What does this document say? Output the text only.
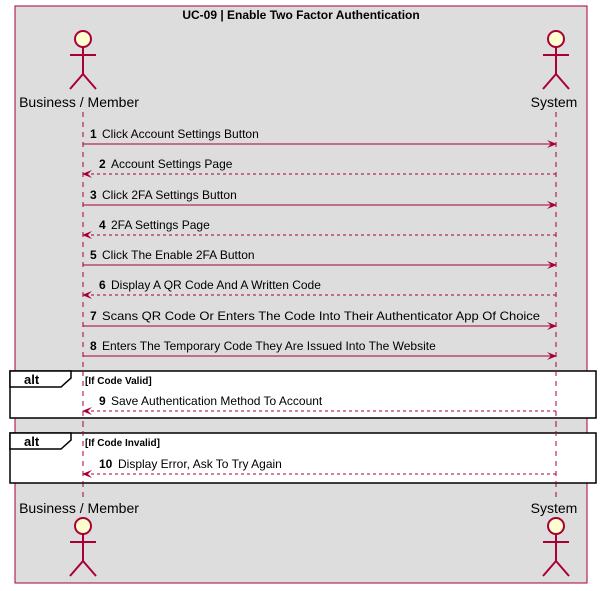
UC-09 | Enable Two Factor Authentication
Business / Member	System
Business / Member	System
alt	[If Code Valid]
alt	[If Code Invalid]
1 Click Account Settings Button
2 Account Settings Page
3 Click 2FA Settings Button
4 2FA Settings Page
5 Click The Enable 2FA Button
6 Display A QR Code And A Written Code
7 Scans QR Code Or Enters The Code Into Their Authenticator App Of Choice
8 Enters The Temporary Code They Are Issued Into The Website
9 Save Authentication Method To Account
10 Display Error, Ask To Try Again
